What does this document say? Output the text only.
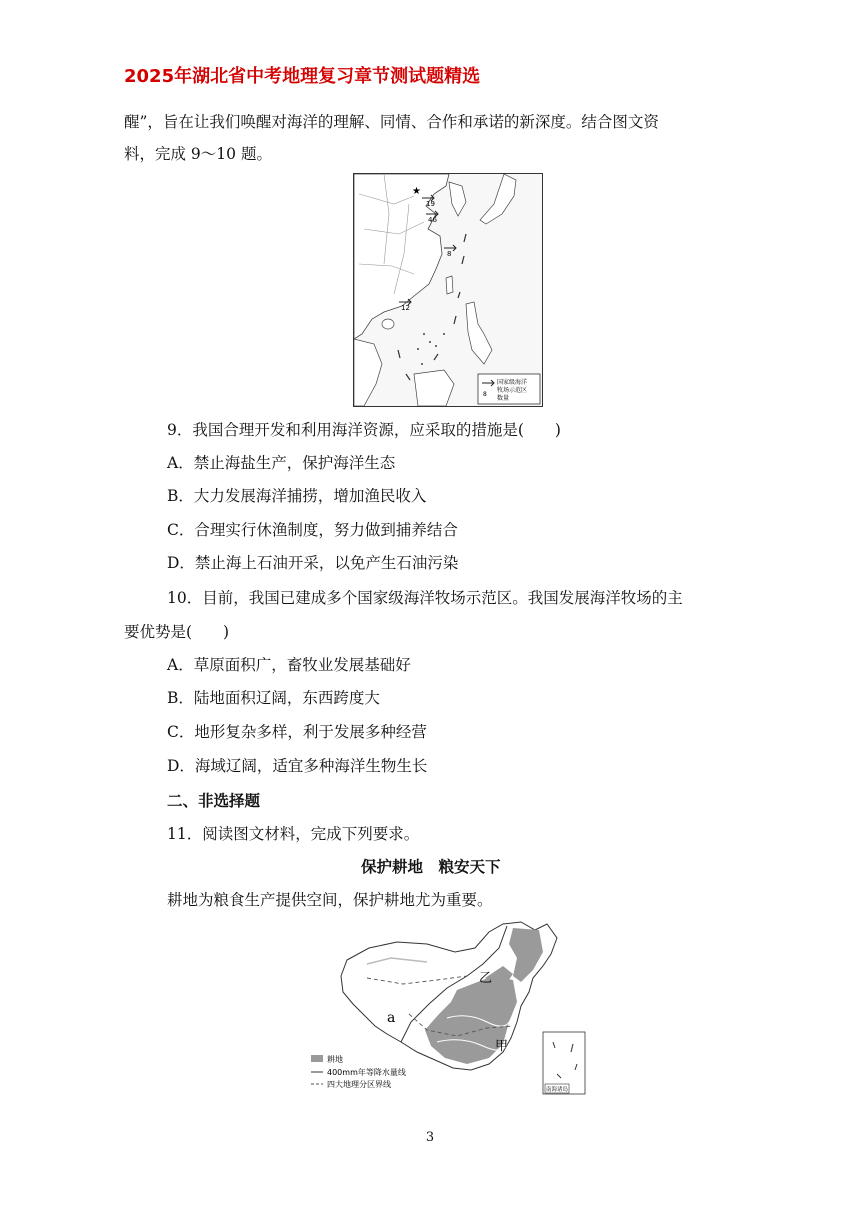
2025年湖北省中考地理复习章节测试题精选
醒”，旨在让我们唤醒对海洋的理解、同情、合作和承诺的新深度。结合图文资
料，完成 9～10 题。
★
19
46
8
12
8
国家级海洋
牧场示范区
数量
9．我国合理开发和利用海洋资源，应采取的措施是(　　)
A．禁止海盐生产，保护海洋生态
B．大力发展海洋捕捞，增加渔民收入
C．合理实行休渔制度，努力做到捕养结合
D．禁止海上石油开采，以免产生石油污染
10．目前，我国已建成多个国家级海洋牧场示范区。我国发展海洋牧场的主
要优势是(　　)
A．草原面积广，畜牧业发展基础好
B．陆地面积辽阔，东西跨度大
C．地形复杂多样，利于发展多种经营
D．海域辽阔，适宜多种海洋生物生长
二、非选择题
11．阅读图文材料，完成下列要求。
保护耕地　粮安天下
耕地为粮食生产提供空间，保护耕地尤为重要。
a
乙
甲
耕地
400mm年等降水量线
四大地理分区界线
南海诸岛
3
